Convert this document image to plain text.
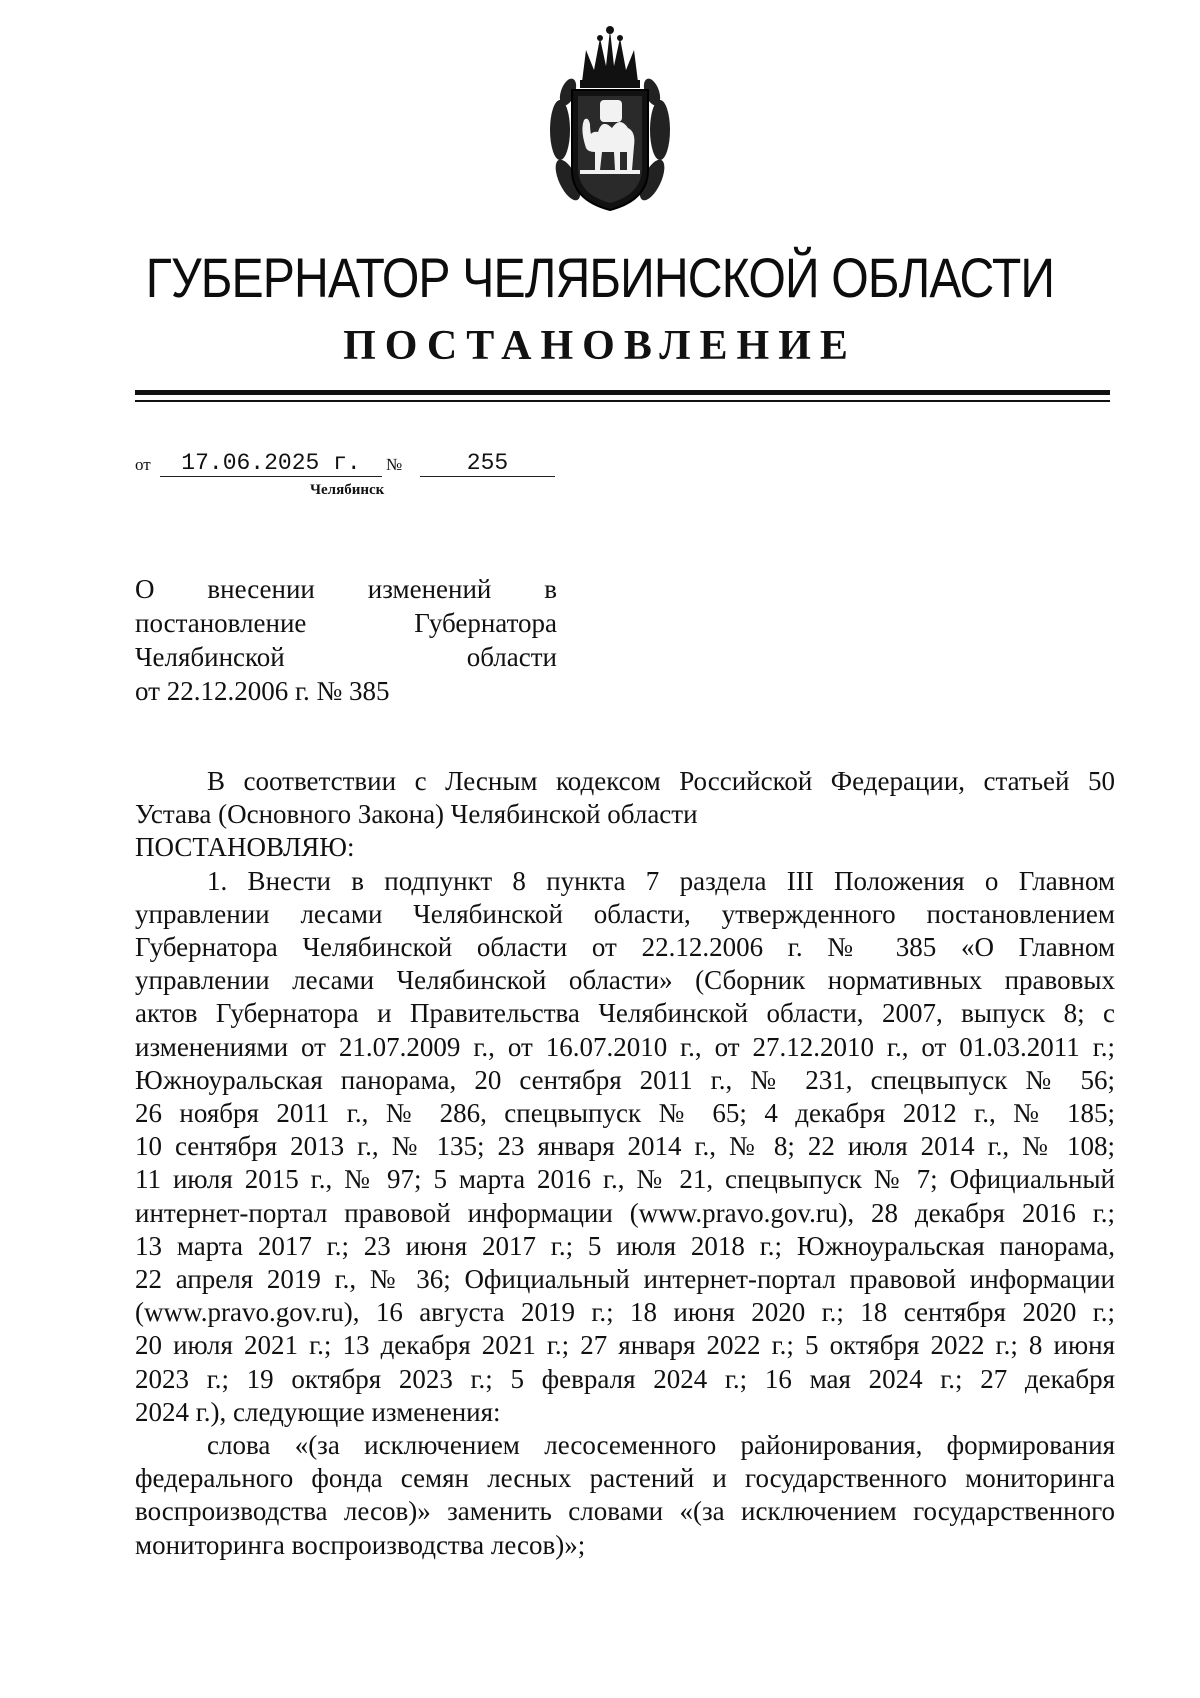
ГУБЕРНАТОР ЧЕЛЯБИНСКОЙ ОБЛАСТИ
ПОСТАНОВЛЕНИЕ
от	17.06.2025 г.	№	255
Челябинск
О внесении изменений в
постановление Губернатора
Челябинской области
от 22.12.2006 г. № 385
В соответствии с Лесным кодексом Российской Федерации, статьей 50
Устава (Основного Закона) Челябинской области
ПОСТАНОВЛЯЮ:
1. Внести в подпункт 8 пункта 7 раздела III Положения о Главном
управлении лесами Челябинской области, утвержденного постановлением
Губернатора Челябинской области от 22.12.2006 г. № 385 «О Главном
управлении лесами Челябинской области» (Сборник нормативных правовых
актов Губернатора и Правительства Челябинской области, 2007, выпуск 8; с
изменениями от 21.07.2009 г., от 16.07.2010 г., от 27.12.2010 г., от 01.03.2011 г.;
Южноуральская панорама, 20 сентября 2011 г., № 231, спецвыпуск № 56;
26 ноября 2011 г., № 286, спецвыпуск № 65; 4 декабря 2012 г., № 185;
10 сентября 2013 г., № 135; 23 января 2014 г., № 8; 22 июля 2014 г., № 108;
11 июля 2015 г., № 97; 5 марта 2016 г., № 21, спецвыпуск № 7; Официальный
интернет-портал правовой информации (www.pravo.gov.ru), 28 декабря 2016 г.;
13 марта 2017 г.; 23 июня 2017 г.; 5 июля 2018 г.; Южноуральская панорама,
22 апреля 2019 г., № 36; Официальный интернет-портал правовой информации
(www.pravo.gov.ru), 16 августа 2019 г.; 18 июня 2020 г.; 18 сентября 2020 г.;
20 июля 2021 г.; 13 декабря 2021 г.; 27 января 2022 г.; 5 октября 2022 г.; 8 июня
2023 г.; 19 октября 2023 г.; 5 февраля 2024 г.; 16 мая 2024 г.; 27 декабря
2024 г.), следующие изменения:
слова «(за исключением лесосеменного районирования, формирования
федерального фонда семян лесных растений и государственного мониторинга
воспроизводства лесов)» заменить словами «(за исключением государственного
мониторинга воспроизводства лесов)»;
